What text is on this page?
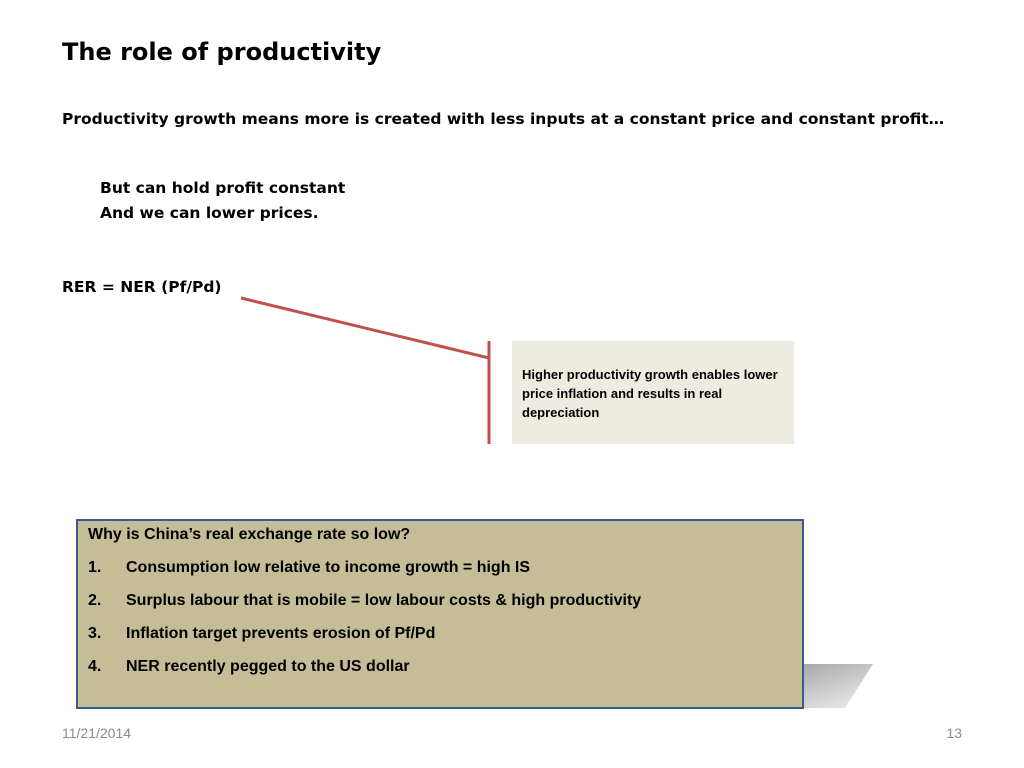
The role of productivity
Productivity growth means more is created with less inputs at a constant price and constant profit…
But can hold profit constant
And we can lower prices.
RER = NER (Pf/Pd)
Higher productivity growth enables lower price inflation and results in real depreciation
Why is China’s real exchange rate so low?
1.	Consumption low relative to income growth = high IS
2.	Surplus labour that is mobile = low labour costs & high productivity
3.	Inflation target prevents erosion of Pf/Pd
4.	NER recently pegged to the US dollar
11/21/2014	13
